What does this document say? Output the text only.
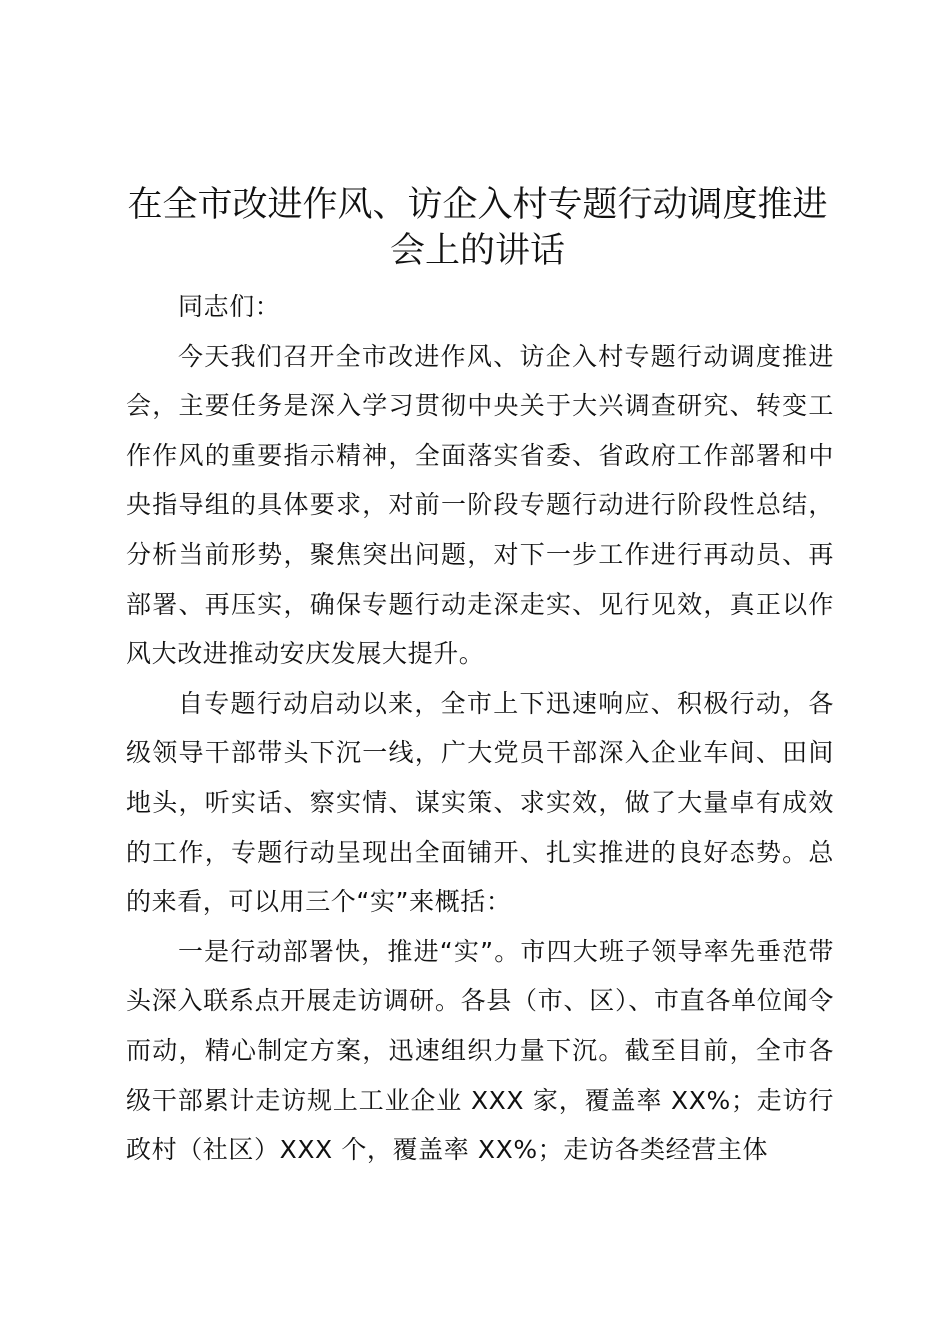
在全市改进作风、访企入村专题行动调度推进会上的讲话

同志们：

今天我们召开全市改进作风、访企入村专题行动调度推进会，主要任务是深入学习贯彻中央关于大兴调查研究、转变工作作风的重要指示精神，全面落实省委、省政府工作部署和中央指导组的具体要求，对前一阶段专题行动进行阶段性总结，分析当前形势，聚焦突出问题，对下一步工作进行再动员、再部署、再压实，确保专题行动走深走实、见行见效，真正以作风大改进推动安庆发展大提升。

自专题行动启动以来，全市上下迅速响应、积极行动，各级领导干部带头下沉一线，广大党员干部深入企业车间、田间地头，听实话、察实情、谋实策、求实效，做了大量卓有成效的工作，专题行动呈现出全面铺开、扎实推进的良好态势。总的来看，可以用三个“实”来概括：

一是行动部署快，推进“实”。市四大班子领导率先垂范带头深入联系点开展走访调研。各县（市、区）、市直各单位闻令而动，精心制定方案，迅速组织力量下沉。截至目前，全市各级干部累计走访规上工业企业 XXX 家，覆盖率 XX%；走访行政村（社区）XXX 个，覆盖率 XX%；走访各类经营主体
